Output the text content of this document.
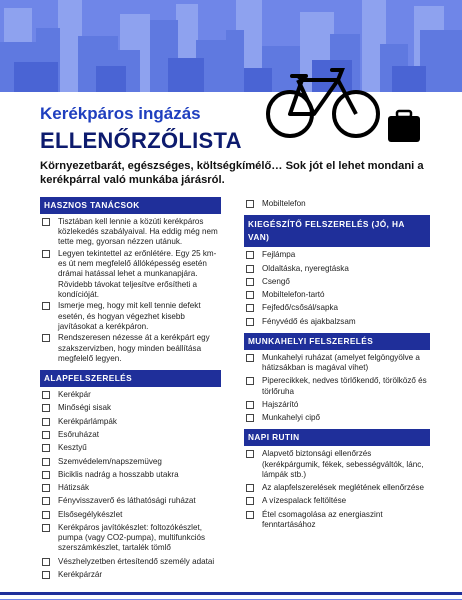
Kerékpáros ingázás
ELLENŐRZŐLISTA

Környezetbarát, egészséges, költségkímélő… Sok jót el lehet mondani a kerékpárral való munkába járásról.

HASZNOS TANÁCSOK
Tisztában kell lennie a közúti kerékpáros közlekedés szabályaival. Ha eddig még nem tette meg, gyorsan nézzen utánuk.
Legyen tekintettel az erőnlétére. Egy 25 km-es út nem megfelelő állóképesség esetén drámai hatással lehet a munkanapjára. Rövidebb távokat teljesítve erősítheti a kondícióját.
Ismerje meg, hogy mit kell tennie defekt esetén, és hogyan végezhet kisebb javításokat a kerékpáron.
Rendszeresen nézesse át a kerékpárt egy szakszervizben, hogy minden beállítása megfelelő legyen.
ALAPFELSZERELÉS
Kerékpár
Minőségi sisak
Kerékpárlámpák
Esőruházat
Kesztyű
Szemvédelem/napszemüveg
Biciklis nadrág a hosszabb utakra
Hátizsák
Fényvisszaverő és láthatósági ruházat
Elsősegélykészlet
Kerékpáros javítókészlet: foltozókészlet, pumpa (vagy CO2-pumpa), multifunkciós szerszámkészlet, tartalék tömlő
Vészhelyzetben értesítendő személy adatai
Kerékpárzár
Mobiltelefon
KIEGÉSZÍTŐ FELSZERELÉS (JÓ, HA VAN)
Fejlámpa
Oldaltáska, nyeregtáska
Csengő
Mobiltelefon-tartó
Fejfedő/csősál/sapka
Fényvédő és ajakbalzsam
MUNKAHELYI FELSZERELÉS
Munkahelyi ruházat (amelyet felgöngyölve a hátizsákban is magával vihet)
Piperecikkek, nedves törlőkendő, törölköző és törlőruha
Hajszárító
Munkahelyi cipő
NAPI RUTIN
Alapvető biztonsági ellenőrzés (kerékpárgumik, fékek, sebességváltók, lánc, lámpák stb.)
Az alapfelszerelések meglétének ellenőrzése
A vízespalack feltöltése
Étel csomagolása az energiaszint fenntartásához
